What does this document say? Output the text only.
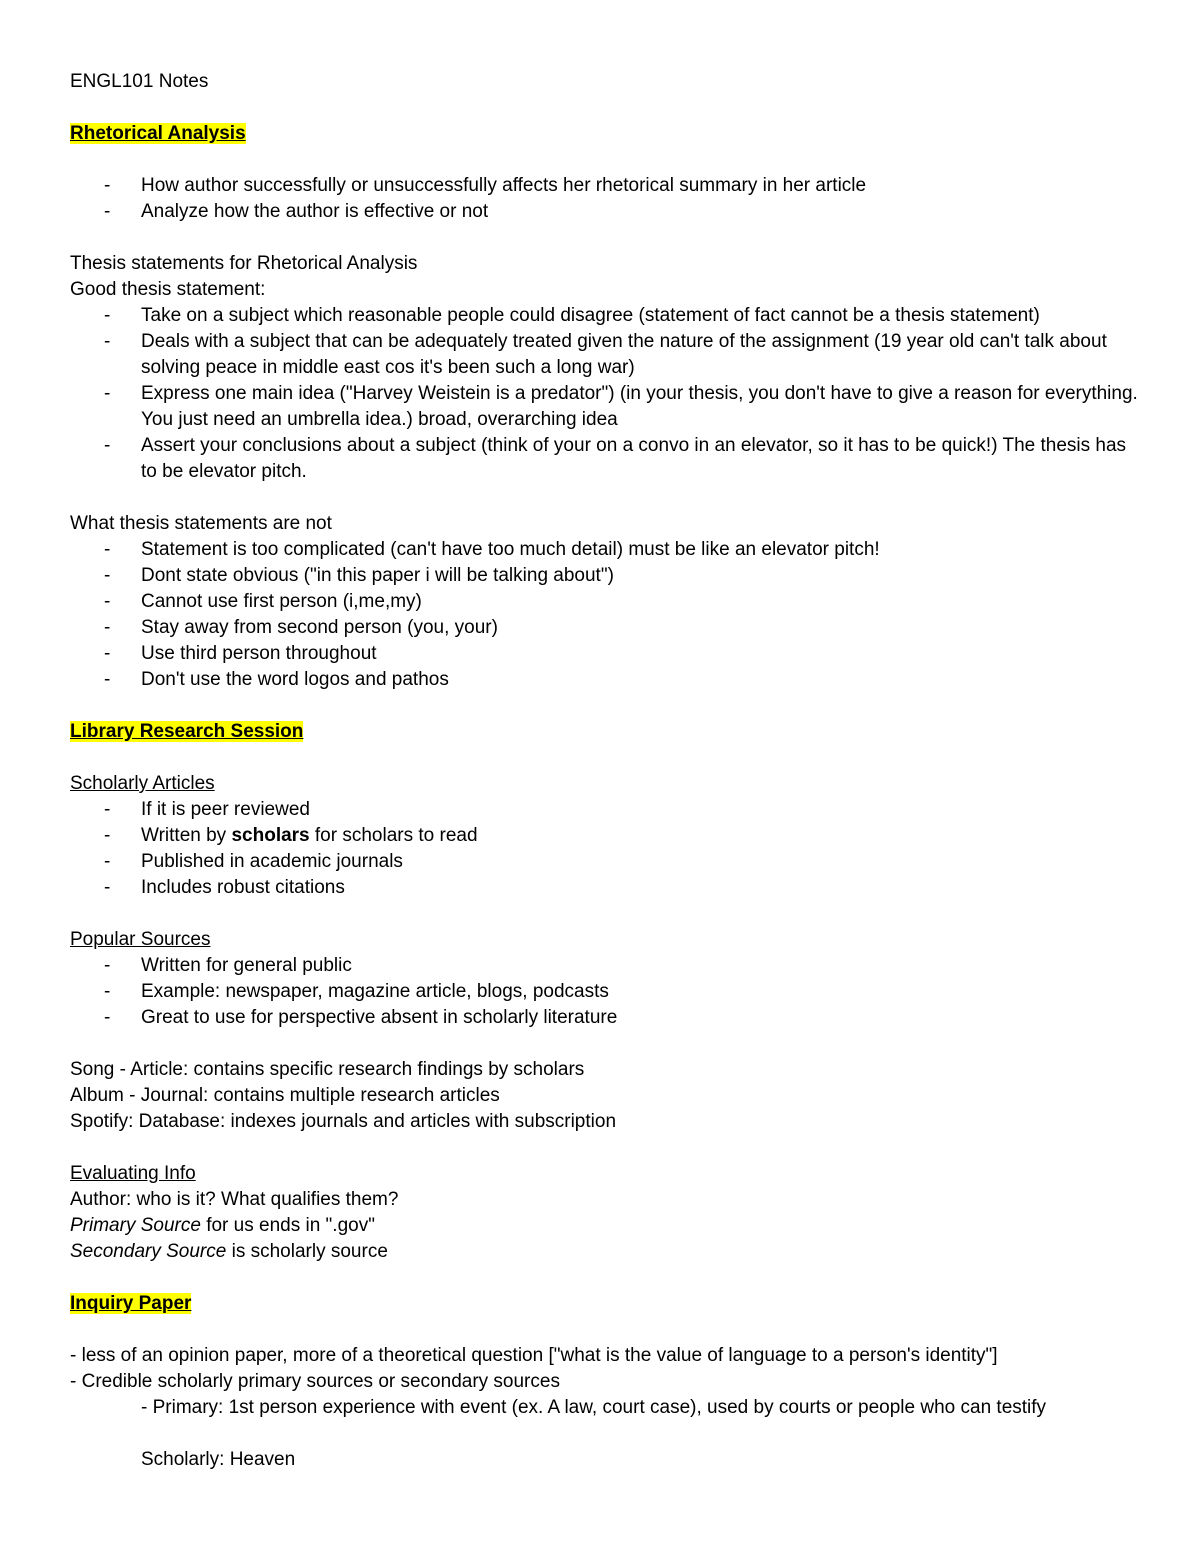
ENGL101 Notes
Rhetorical Analysis
- How author successfully or unsuccessfully affects her rhetorical summary in her article
- Analyze how the author is effective or not
Thesis statements for Rhetorical Analysis
Good thesis statement:
- Take on a subject which reasonable people could disagree (statement of fact cannot be a thesis statement)
- Deals with a subject that can be adequately treated given the nature of the assignment (19 year old can't talk about solving peace in middle east cos it's been such a long war)
- Express one main idea ("Harvey Weistein is a predator") (in your thesis, you don't have to give a reason for everything. You just need an umbrella idea.) broad, overarching idea
- Assert your conclusions about a subject (think of your on a convo in an elevator, so it has to be quick!) The thesis has to be elevator pitch.
What thesis statements are not
- Statement is too complicated (can't have too much detail) must be like an elevator pitch!
- Dont state obvious ("in this paper i will be talking about")
- Cannot use first person (i,me,my)
- Stay away from second person (you, your)
- Use third person throughout
- Don't use the word logos and pathos
Library Research Session
Scholarly Articles
- If it is peer reviewed
- Written by scholars for scholars to read
- Published in academic journals
- Includes robust citations
Popular Sources
- Written for general public
- Example: newspaper, magazine article, blogs, podcasts
- Great to use for perspective absent in scholarly literature
Song - Article: contains specific research findings by scholars
Album - Journal: contains multiple research articles
Spotify: Database: indexes journals and articles with subscription
Evaluating Info
Author: who is it? What qualifies them?
Primary Source for us ends in ".gov"
Secondary Source is scholarly source
Inquiry Paper
- less of an opinion paper, more of a theoretical question ["what is the value of language to a person's identity"]
- Credible scholarly primary sources or secondary sources
- Primary: 1st person experience with event (ex. A law, court case), used by courts or people who can testify
Scholarly: Heaven
